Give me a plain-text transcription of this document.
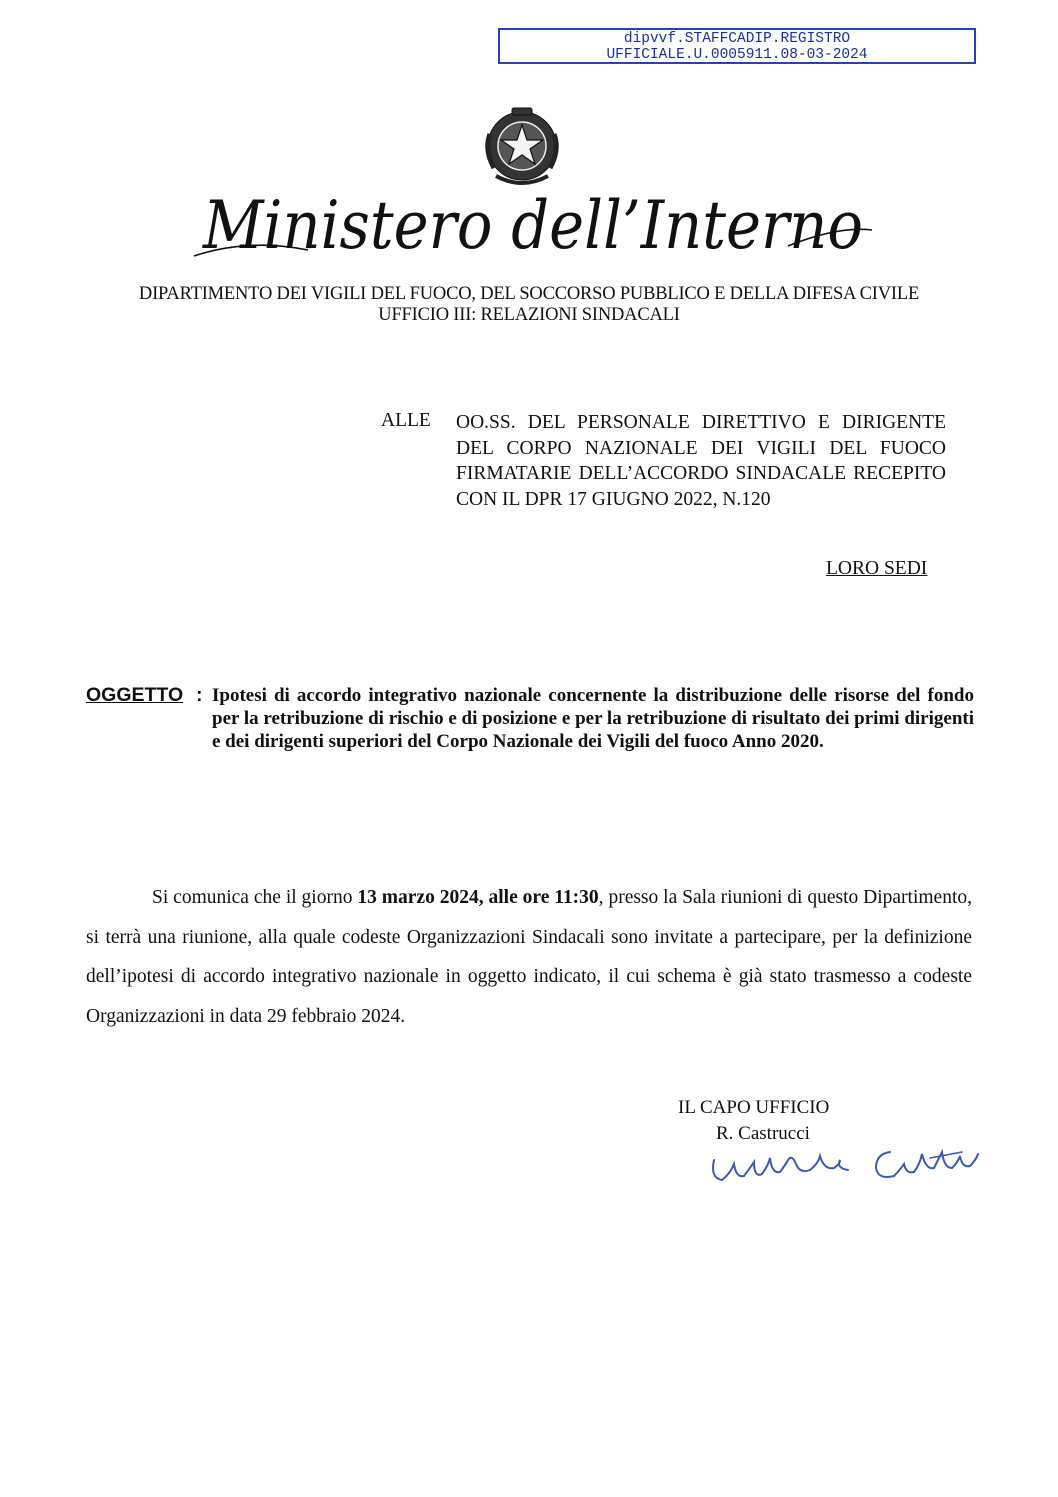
dipvvf.STAFFCADIP.REGISTRO
UFFICIALE.U.0005911.08-03-2024
Ministero dell’Interno
DIPARTIMENTO DEI VIGILI DEL FUOCO, DEL SOCCORSO PUBBLICO E DELLA DIFESA CIVILE
UFFICIO III: RELAZIONI SINDACALI
ALLE OO.SS. DEL PERSONALE DIRETTIVO E DIRIGENTE DEL CORPO NAZIONALE DEI VIGILI DEL FUOCO FIRMATARIE DELL’ACCORDO SINDACALE RECEPITO CON IL DPR 17 GIUGNO 2022, N.120
LORO SEDI
OGGETTO : Ipotesi di accordo integrativo nazionale concernente la distribuzione delle risorse del fondo per la retribuzione di rischio e di posizione e per la retribuzione di risultato dei primi dirigenti e dei dirigenti superiori del Corpo Nazionale dei Vigili del fuoco Anno 2020.
Si comunica che il giorno 13 marzo 2024, alle ore 11:30, presso la Sala riunioni di questo Dipartimento, si terrà una riunione, alla quale codeste Organizzazioni Sindacali sono invitate a partecipare, per la definizione dell’ipotesi di accordo integrativo nazionale in oggetto indicato, il cui schema è già stato trasmesso a codeste Organizzazioni in data 29 febbraio 2024.
IL CAPO UFFICIO
R. Castrucci
